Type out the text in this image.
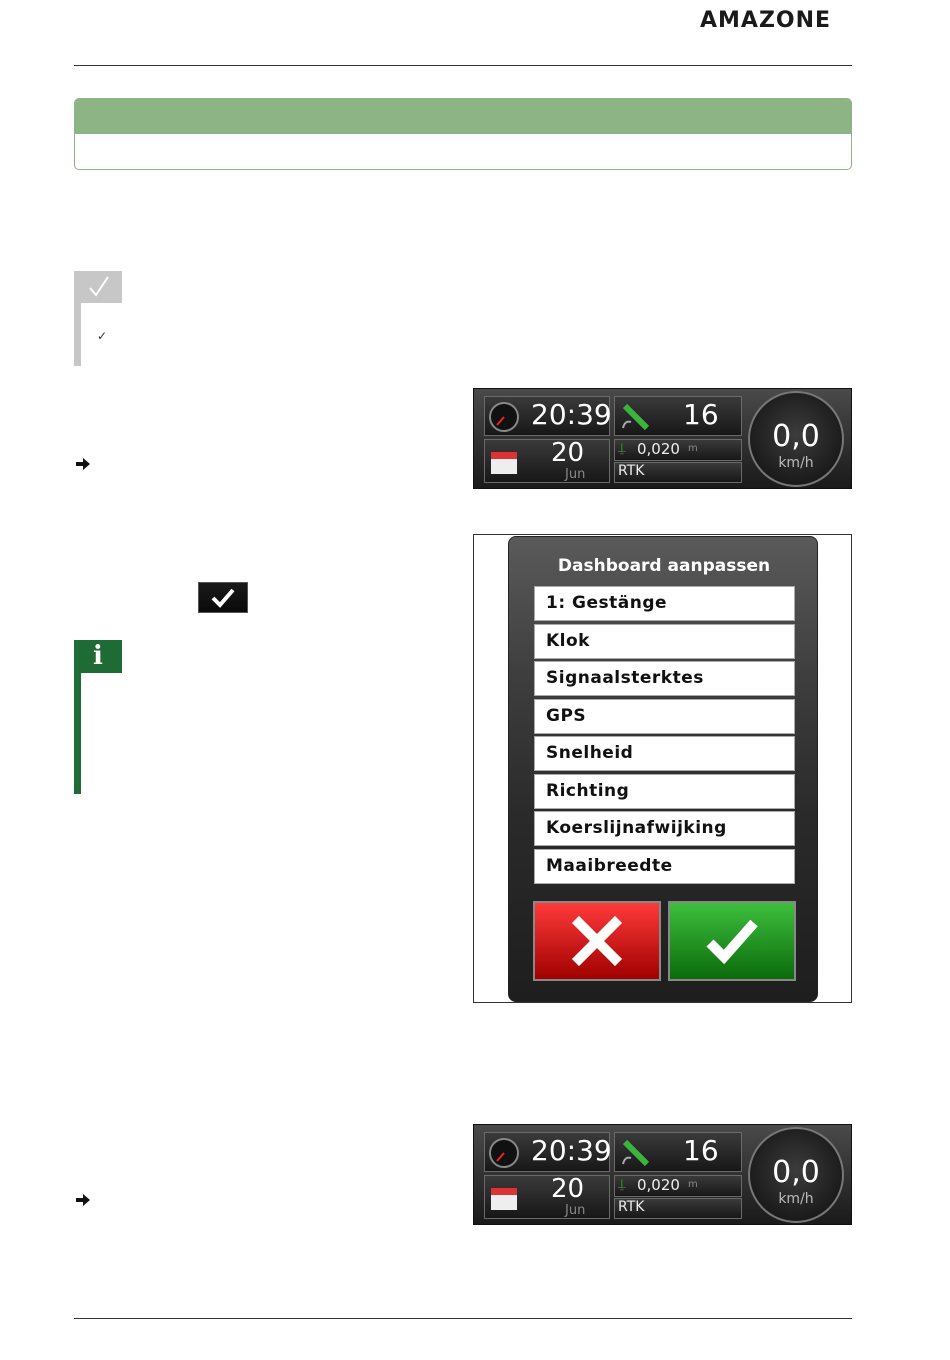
AMAZONE
✓
20:39
20
Jun
16
⍊ 0,020 m
RTK
0,0
km/h
i
Dashboard aanpassen
1: Gestänge
Klok
Signaalsterktes
GPS
Snelheid
Richting
Koerslijnafwijking
Maaibreedte
20:39
20
Jun
16
⍊ 0,020 m
RTK
0,0
km/h
